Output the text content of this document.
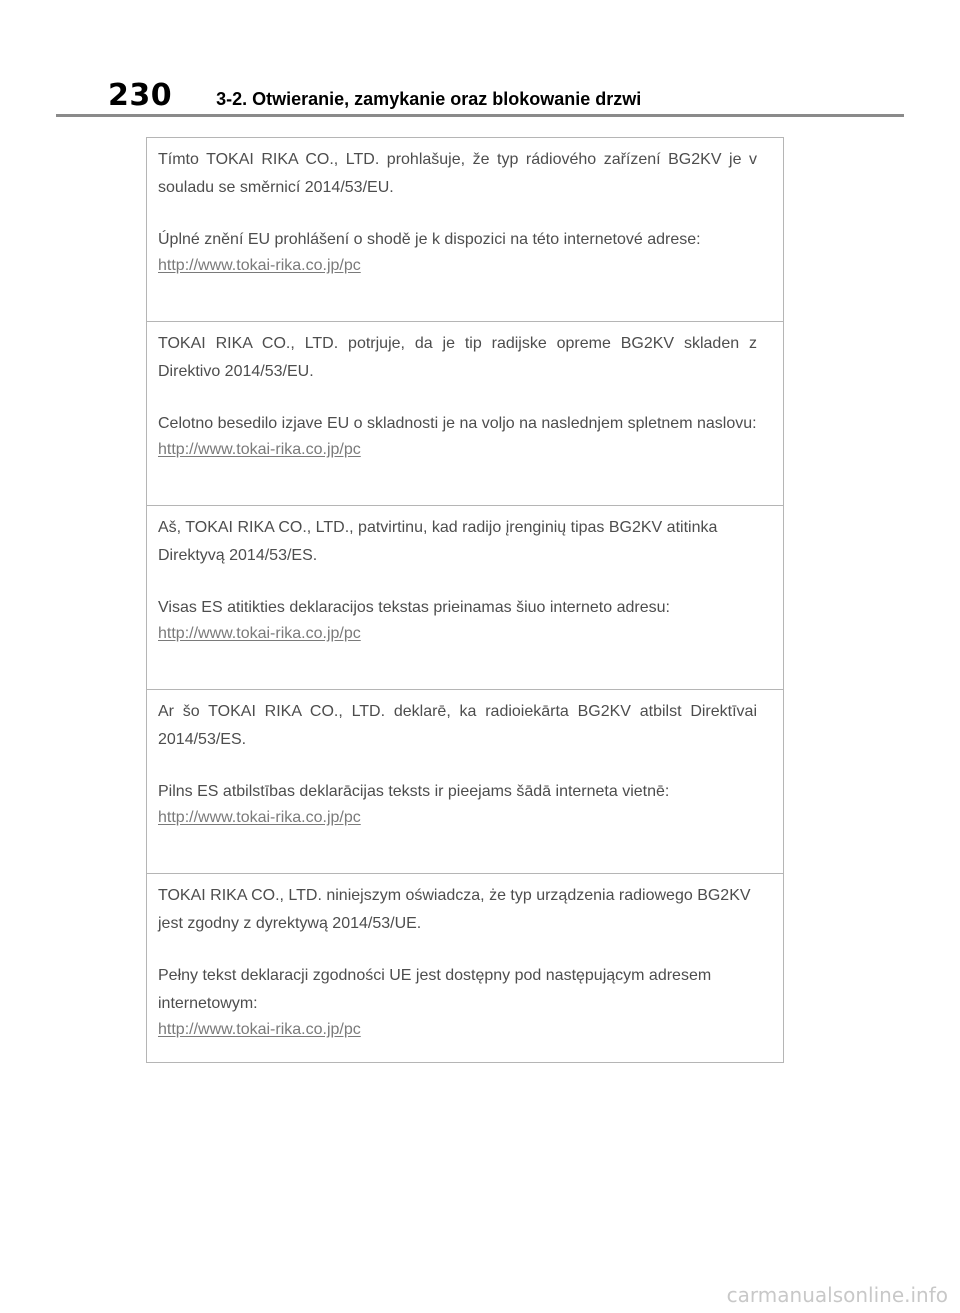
230 3-2. Otwieranie, zamykanie oraz blokowanie drzwi

Tímto TOKAI RIKA CO., LTD. prohlašuje, že typ rádiového zařízení BG2KV je v souladu se směrnicí 2014/53/EU.

Úplné znění EU prohlášení o shodě je k dispozici na této internetové adrese:

http://www.tokai-rika.co.jp/pc

TOKAI RIKA CO., LTD. potrjuje, da je tip radijske opreme BG2KV skladen z Direktivo 2014/53/EU.

Celotno besedilo izjave EU o skladnosti je na voljo na naslednjem spletnem naslovu:

http://www.tokai-rika.co.jp/pc

Aš, TOKAI RIKA CO., LTD., patvirtinu, kad radijo įrenginių tipas BG2KV atitinka Direktyvą 2014/53/ES.

Visas ES atitikties deklaracijos tekstas prieinamas šiuo interneto adresu:

http://www.tokai-rika.co.jp/pc

Ar šo TOKAI RIKA CO., LTD. deklarē, ka radioiekārta BG2KV atbilst Direktīvai 2014/53/ES.

Pilns ES atbilstības deklarācijas teksts ir pieejams šādā interneta vietnē:

http://www.tokai-rika.co.jp/pc

TOKAI RIKA CO., LTD. niniejszym oświadcza, że typ urządzenia radiowego BG2KV jest zgodny z dyrektywą 2014/53/UE.

Pełny tekst deklaracji zgodności UE jest dostępny pod następującym adresem internetowym:

http://www.tokai-rika.co.jp/pc
carmanualsonline.info
